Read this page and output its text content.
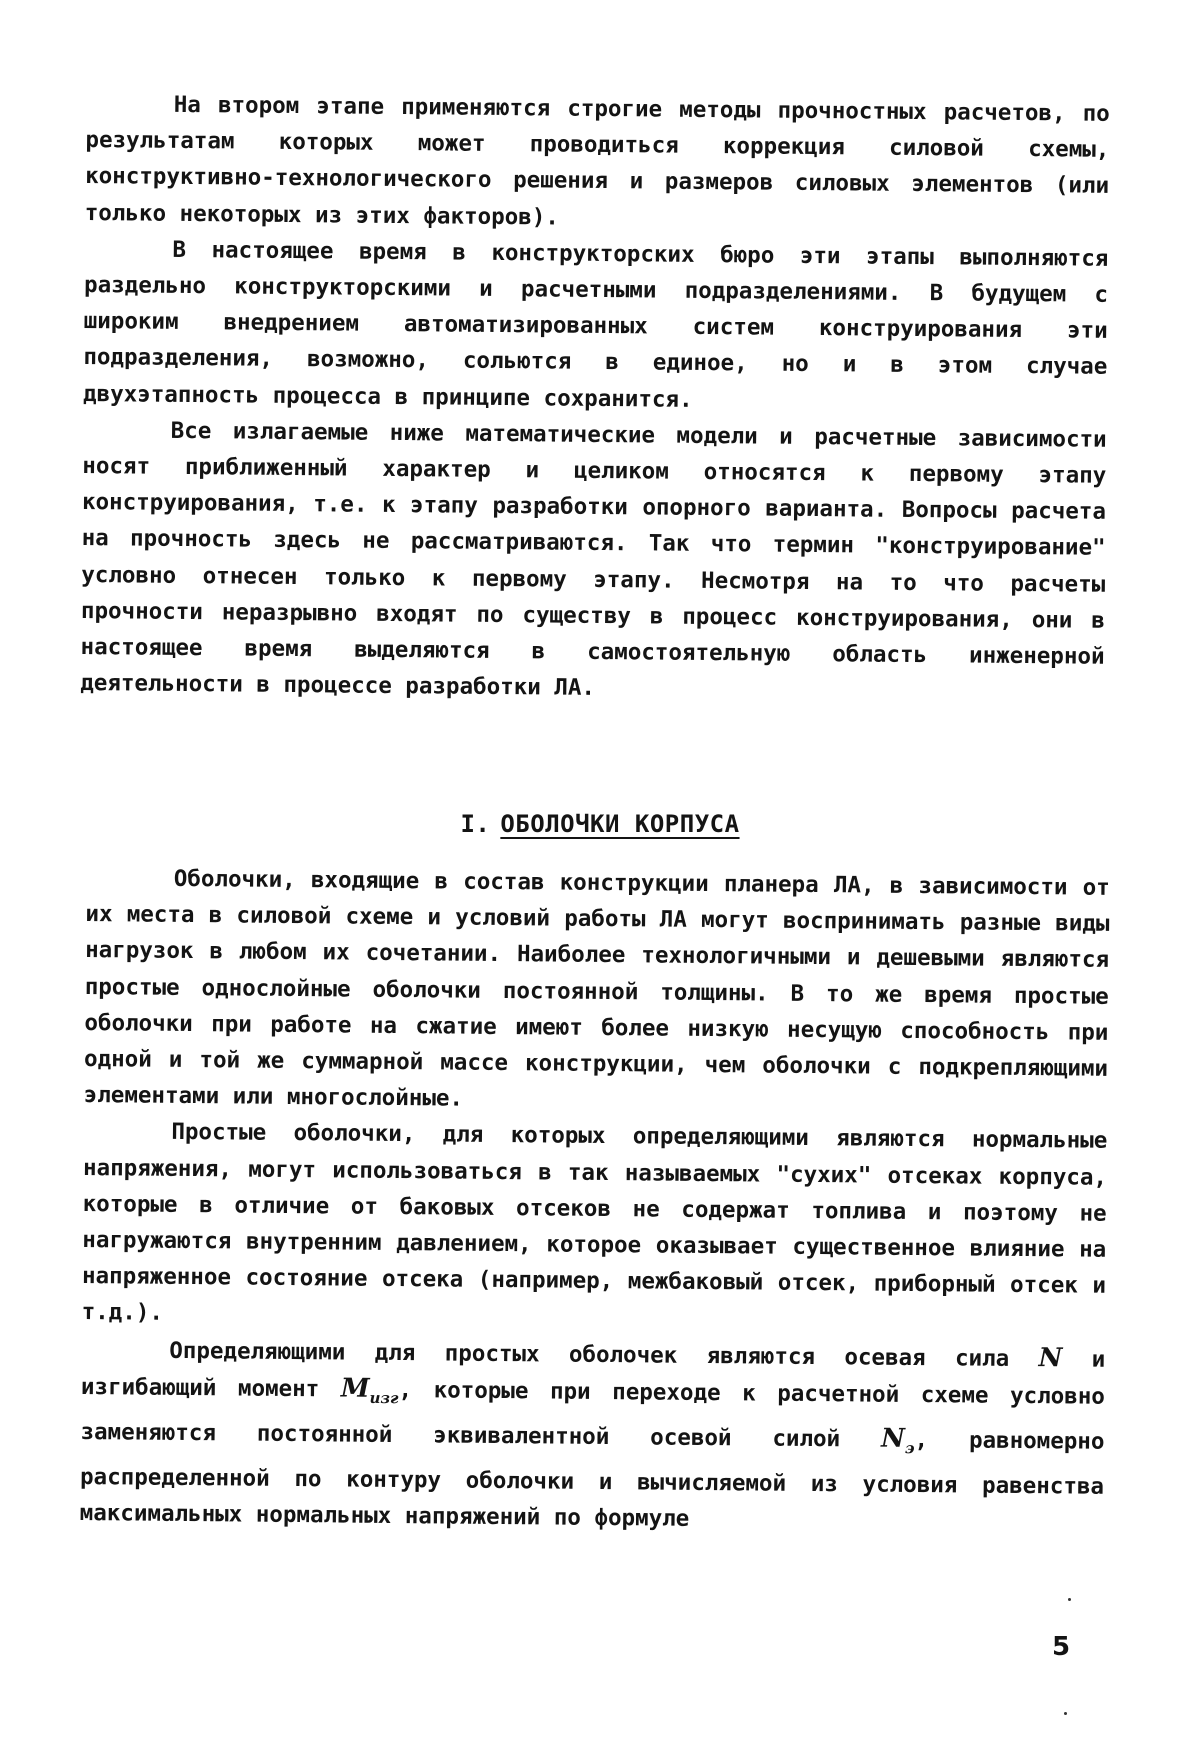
На втором этапе применяются строгие методы прочностных расчетов, по результатам которых может проводиться коррекция силовой схемы, конструктивно-технологического решения и размеров силовых элементов (или только некоторых из этих факторов).

В настоящее время в конструкторских бюро эти этапы выполняются раздельно конструкторскими и расчетными подразделениями. В будущем с широким внедрением автоматизированных систем конструирования эти подразделения, возможно, сольются в единое, но и в этом случае двухэтапность процесса в принципе сохранится.

Все излагаемые ниже математические модели и расчетные зависимости носят приближенный характер и целиком относятся к первому этапу конструирования, т.е. к этапу разработки опорного варианта. Вопросы расчета на прочность здесь не рассматриваются. Так что термин "конструирование" условно отнесен только к первому этапу. Несмотря на то что расчеты прочности неразрывно входят по существу в процесс конструирования, они в настоящее время выделяются в самостоятельную область инженерной деятельности в процессе разработки ЛА.

I. ОБОЛОЧКИ КОРПУСА

Оболочки, входящие в состав конструкции планера ЛА, в зависимости от их места в силовой схеме и условий работы ЛА могут воспринимать разные виды нагрузок в любом их сочетании. Наиболее технологичными и дешевыми являются простые однослойные оболочки постоянной толщины. В то же время простые оболочки при работе на сжатие имеют более низкую несущую способность при одной и той же суммарной массе конструкции, чем оболочки с подкрепляющими элементами или многослойные.

Простые оболочки, для которых определяющими являются нормальные напряжения, могут использоваться в так называемых "сухих" отсеках корпуса, которые в отличие от баковых отсеков не содержат топлива и поэтому не нагружаются внутренним давлением, которое оказывает существенное влияние на напряженное состояние отсека (например, межбаковый отсек, приборный отсек и т.д.).

Определяющими для простых оболочек являются осевая сила N и изгибающий момент $M_{изг}$, которые при переходе к расчетной схеме условно заменяются постоянной эквивалентной осевой силой $N_э$, равномерно распределенной по контуру оболочки и вычисляемой из условия равенства максимальных нормальных напряжений по формуле

5
